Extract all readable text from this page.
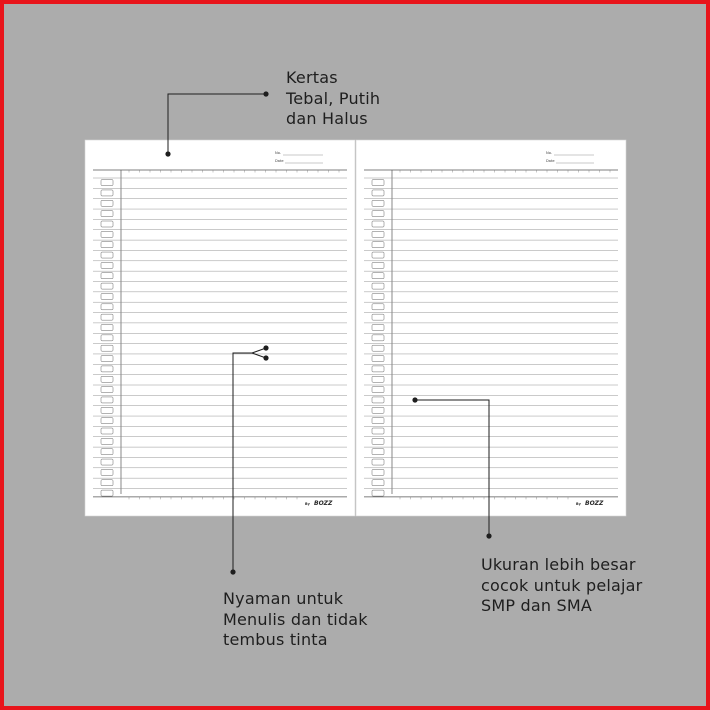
No.
Date
By BOZZ
No.
Date
By BOZZ
Kertas
Tebal, Putih
dan Halus
Nyaman untuk
Menulis dan tidak
tembus tinta
Ukuran lebih besar
cocok untuk pelajar
SMP dan SMA
